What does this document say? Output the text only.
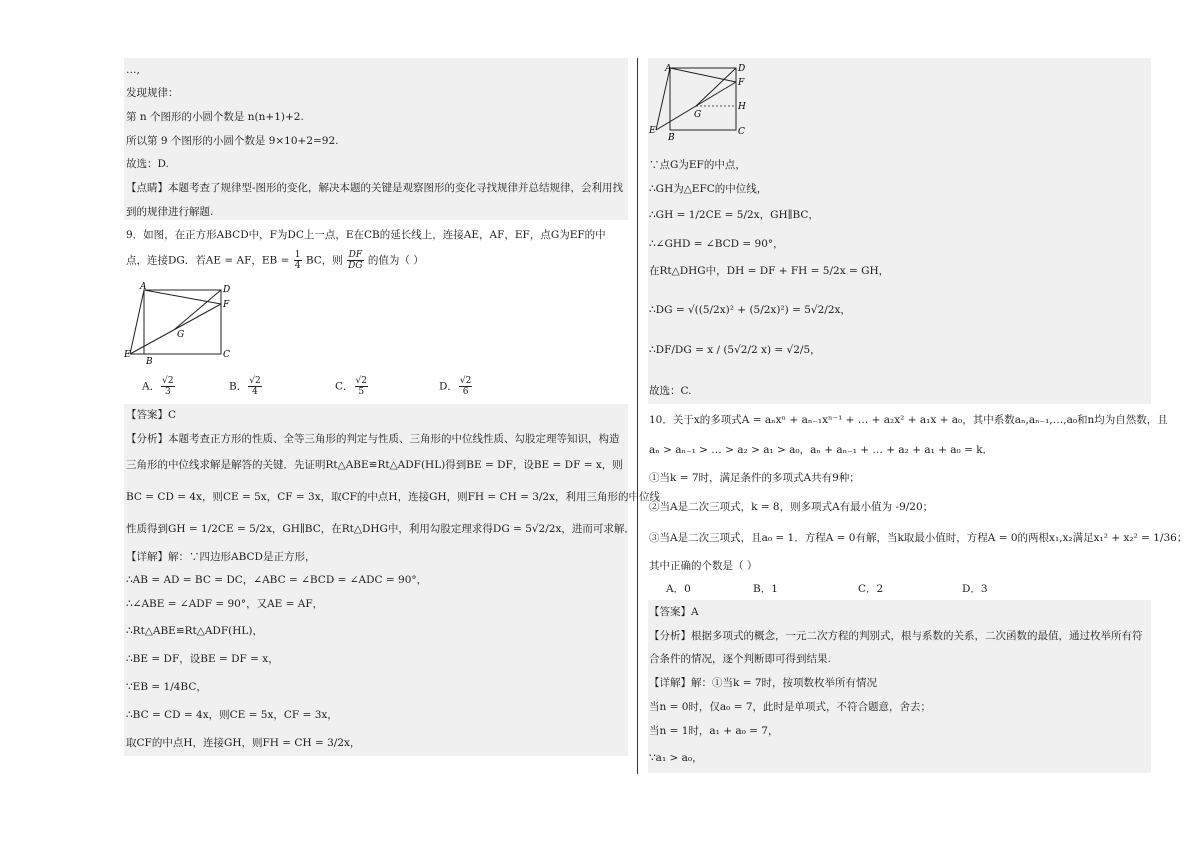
…,
发现规律：
第 n 个图形的小圆个数是 n(n+1)+2.
所以第 9 个图形的小圆个数是 9×10+2=92.
故选：D.
【点睛】本题考查了规律型-图形的变化，解决本题的关键是观察图形的变化寻找规律并总结规律，会利用找
到的规律进行解题.
9．如图，在正方形ABCD中，F为DC上一点，E在CB的延长线上，连接AE，AF，EF，点G为EF的中
点，连接DG．若AE = AF，EB = $\frac{1}{4}$ BC，则 $\frac{DF}{DG}$ 的值为（ ）
A	D
F
G
E
B
C
A． $\frac{√2}{3}$	B． $\frac{√2}{4}$	C． $\frac{√2}{5}$	D． $\frac{√2}{6}$
【答案】C
【分析】本题考查正方形的性质、全等三角形的判定与性质、三角形的中位线性质、勾股定理等知识，构造
三角形的中位线求解是解答的关键．先证明Rt△ABE≌Rt△ADF(HL)得到BE = DF，设BE = DF = x，则
BC = CD = 4x，则CE = 5x，CF = 3x，取CF的中点H，连接GH，则FH = CH = 3/2x，利用三角形的中位线
性质得到GH = 1/2CE = 5/2x，GH∥BC，在Rt△DHG中，利用勾股定理求得DG = 5√2/2x，进而可求解．
【详解】解：∵四边形ABCD是正方形，
∴AB = AD = BC = DC，∠ABC = ∠BCD = ∠ADC = 90°，
∴∠ABE = ∠ADF = 90°，又AE = AF，
∴Rt△ABE≌Rt△ADF(HL)，
∴BE = DF，设BE = DF = x，
∵EB = 1/4BC，
∴BC = CD = 4x，则CE = 5x，CF = 3x，
取CF的中点H，连接GH，则FH = CH = 3/2x，
A	D
F
H
G
E
B
C
∵点G为EF的中点，
∴GH为△EFC的中位线，
∴GH = 1/2CE = 5/2x，GH∥BC，
∴∠GHD = ∠BCD = 90°，
在Rt△DHG中，DH = DF + FH = 5/2x = GH，
∴DG = √((5/2x)² + (5/2x)²) = 5√2/2x，
∴DF/DG = x / (5√2/2 x) = √2/5，
故选：C.
10．关于x的多项式A = aₙxⁿ + aₙ₋₁xⁿ⁻¹ + … + a₂x² + a₁x + a₀，其中系数aₙ,aₙ₋₁,…,a₀和n均为自然数，且
aₙ > aₙ₋₁ > … > a₂ > a₁ > a₀，aₙ + aₙ₋₁ + … + a₂ + a₁ + a₀ = k．
①当k = 7时，满足条件的多项式A共有9种；
②当A是二次三项式，k = 8，则多项式A有最小值为 -9/20；
③当A是二次三项式，且a₀ = 1．方程A = 0有解，当k取最小值时，方程A = 0的两根x₁,x₂满足x₁² + x₂² = 1/36；
其中正确的个数是（ ）
A．0	B．1	C．2	D．3
【答案】A
【分析】根据多项式的概念，一元二次方程的判别式，根与系数的关系，二次函数的最值，通过枚举所有符
合条件的情况，逐个判断即可得到结果.
【详解】解：①当k = 7时，按项数枚举所有情况
当n = 0时，仅a₀ = 7，此时是单项式，不符合题意，舍去；
当n = 1时，a₁ + a₀ = 7，
∵a₁ > a₀，
